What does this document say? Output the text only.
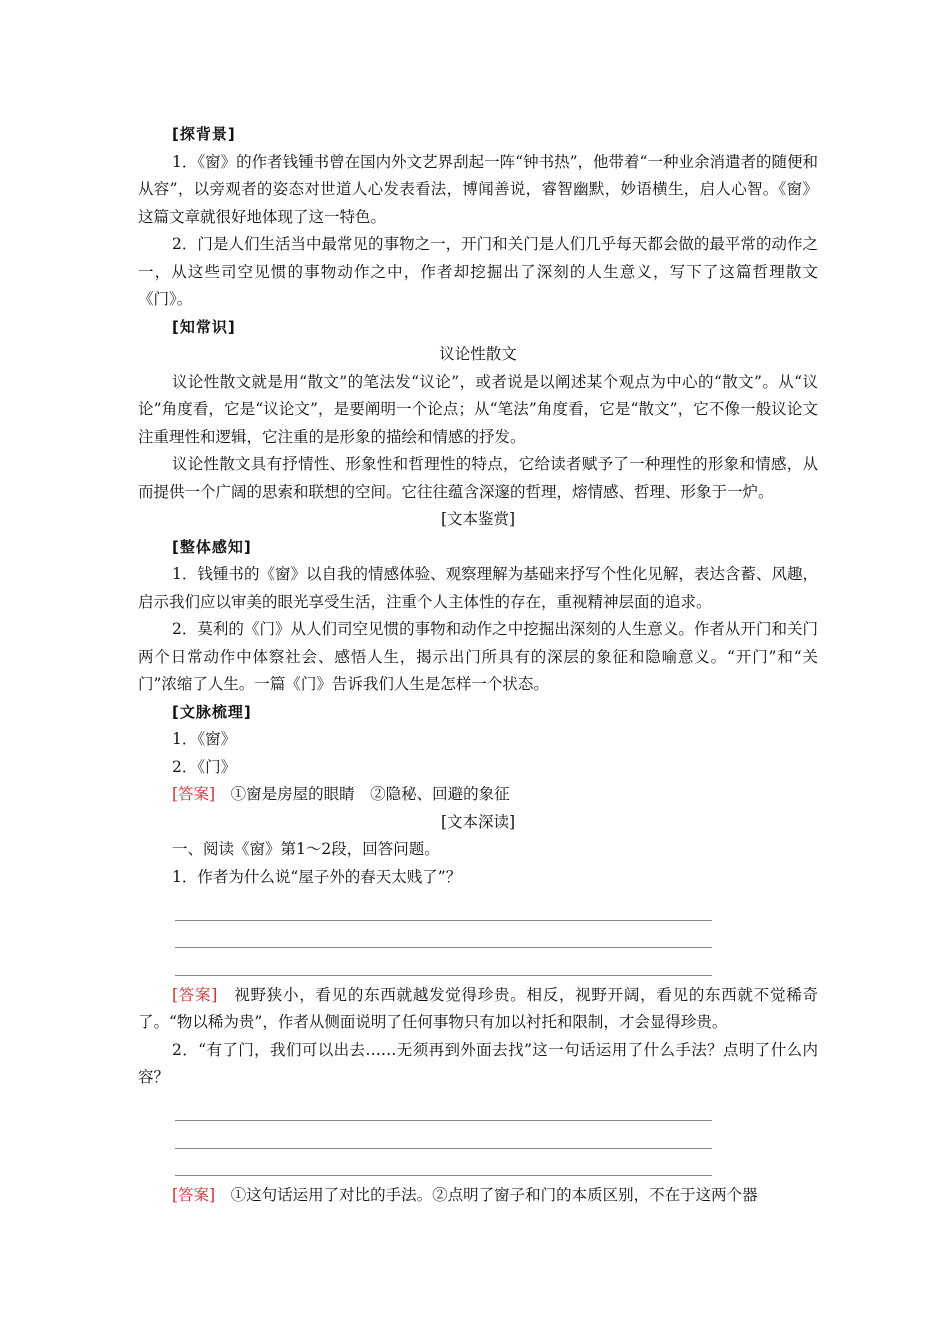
[探背景]

1．《窗》的作者钱锺书曾在国内外文艺界刮起一阵“钟书热”，他带着“一种业余消遣者的随便和从容”，以旁观者的姿态对世道人心发表看法，博闻善说，睿智幽默，妙语横生，启人心智。《窗》这篇文章就很好地体现了这一特色。

2．门是人们生活当中最常见的事物之一，开门和关门是人们几乎每天都会做的最平常的动作之一，从这些司空见惯的事物动作之中，作者却挖掘出了深刻的人生意义，写下了这篇哲理散文《门》。

[知常识]

议论性散文

议论性散文就是用“散文”的笔法发“议论”，或者说是以阐述某个观点为中心的“散文”。从“议论”角度看，它是“议论文”，是要阐明一个论点；从“笔法”角度看，它是“散文”，它不像一般议论文注重理性和逻辑，它注重的是形象的描绘和情感的抒发。

议论性散文具有抒情性、形象性和哲理性的特点，它给读者赋予了一种理性的形象和情感，从而提供一个广阔的思索和联想的空间。它往往蕴含深邃的哲理，熔情感、哲理、形象于一炉。

[文本鉴赏]

[整体感知]

1．钱锺书的《窗》以自我的情感体验、观察理解为基础来抒写个性化见解，表达含蓄、风趣，启示我们应以审美的眼光享受生活，注重个人主体性的存在，重视精神层面的追求。

2．莫利的《门》从人们司空见惯的事物和动作之中挖掘出深刻的人生意义。作者从开门和关门两个日常动作中体察社会、感悟人生，揭示出门所具有的深层的象征和隐喻意义。“开门”和“关门”浓缩了人生。一篇《门》告诉我们人生是怎样一个状态。

[文脉梳理]

1．《窗》

2．《门》

[答案]　 ①窗是房屋的眼睛　②隐秘、回避的象征

[文本深读]

一、阅读《窗》第1～2段，回答问题。

1．作者为什么说“屋子外的春天太贱了”？

[答案]　 视野狭小，看见的东西就越发觉得珍贵。相反，视野开阔，看见的东西就不觉稀奇了。“物以稀为贵”，作者从侧面说明了任何事物只有加以衬托和限制，才会显得珍贵。

2．“有了门，我们可以出去……无须再到外面去找”这一句话运用了什么手法？点明了什么内容？

[答案]　 ①这句话运用了对比的手法。②点明了窗子和门的本质区别，不在于这两个器
